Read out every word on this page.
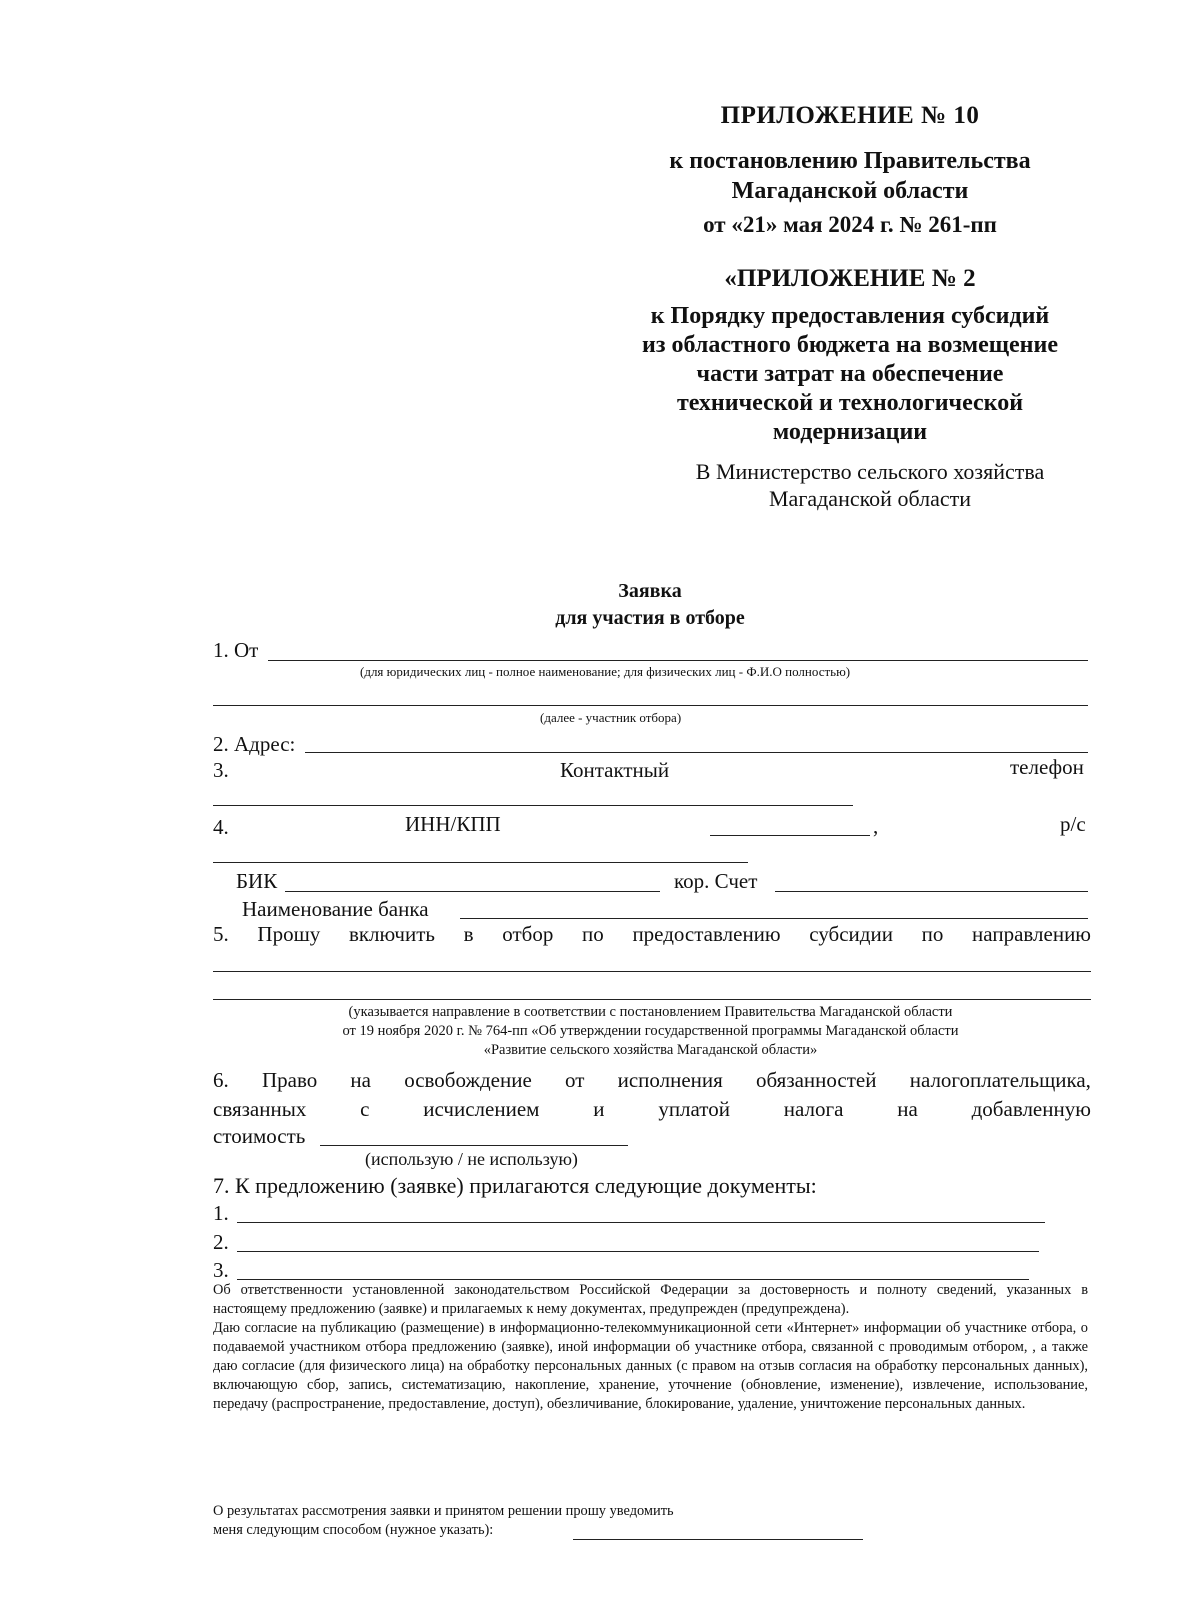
ПРИЛОЖЕНИЕ № 10
к постановлению Правительства
Магаданской области
от «21» мая 2024 г. № 261-пп
«ПРИЛОЖЕНИЕ № 2
к Порядку предоставления субсидий
из областного бюджета на возмещение
части затрат на обеспечение
технической и технологической
модернизации
В Министерство сельского хозяйства
Магаданской области
Заявка
для участия в отборе
1. От
(для юридических лиц - полное наименование; для физических лиц - Ф.И.О полностью)
(далее - участник отбора)
2. Адрес:
3.	Контактный	телефон
4.	ИНН/КПП	,	р/с
БИК	кор. Счет
Наименование банка
5. Прошу включить в отбор по предоставлению субсидии по направлению
(указывается направление в соответствии с постановлением Правительства Магаданской области
от 19 ноября 2020 г. № 764-пп «Об утверждении государственной программы Магаданской области
«Развитие сельского хозяйства Магаданской области»
6. Право на освобождение от исполнения обязанностей налогоплательщика,
связанных	с	исчислением	и	уплатой	налога	на	добавленную
стоимость
(использую / не использую)
7. К предложению (заявке) прилагаются следующие документы:
1.
2.
3.

Об ответственности установленной законодательством Российской Федерации за достоверность и полноту сведений, указанных в настоящему предложению (заявке) и прилагаемых к нему документах, предупрежден (предупреждена).

Даю согласие на публикацию (размещение) в информационно-телекоммуникационной сети «Интернет» информации об участнике отбора, о подаваемой участником отбора предложению (заявке), иной информации об участнике отбора, связанной с проводимым отбором, , а также даю согласие (для физического лица) на обработку персональных данных (с правом на отзыв согласия на обработку персональных данных), включающую сбор, запись, систематизацию, накопление, хранение, уточнение (обновление, изменение), извлечение, использование, передачу (распространение, предоставление, доступ), обезличивание, блокирование, удаление, уничтожение персональных данных.

О результатах рассмотрения заявки и принятом решении прошу уведомить
меня следующим способом (нужное указать):
